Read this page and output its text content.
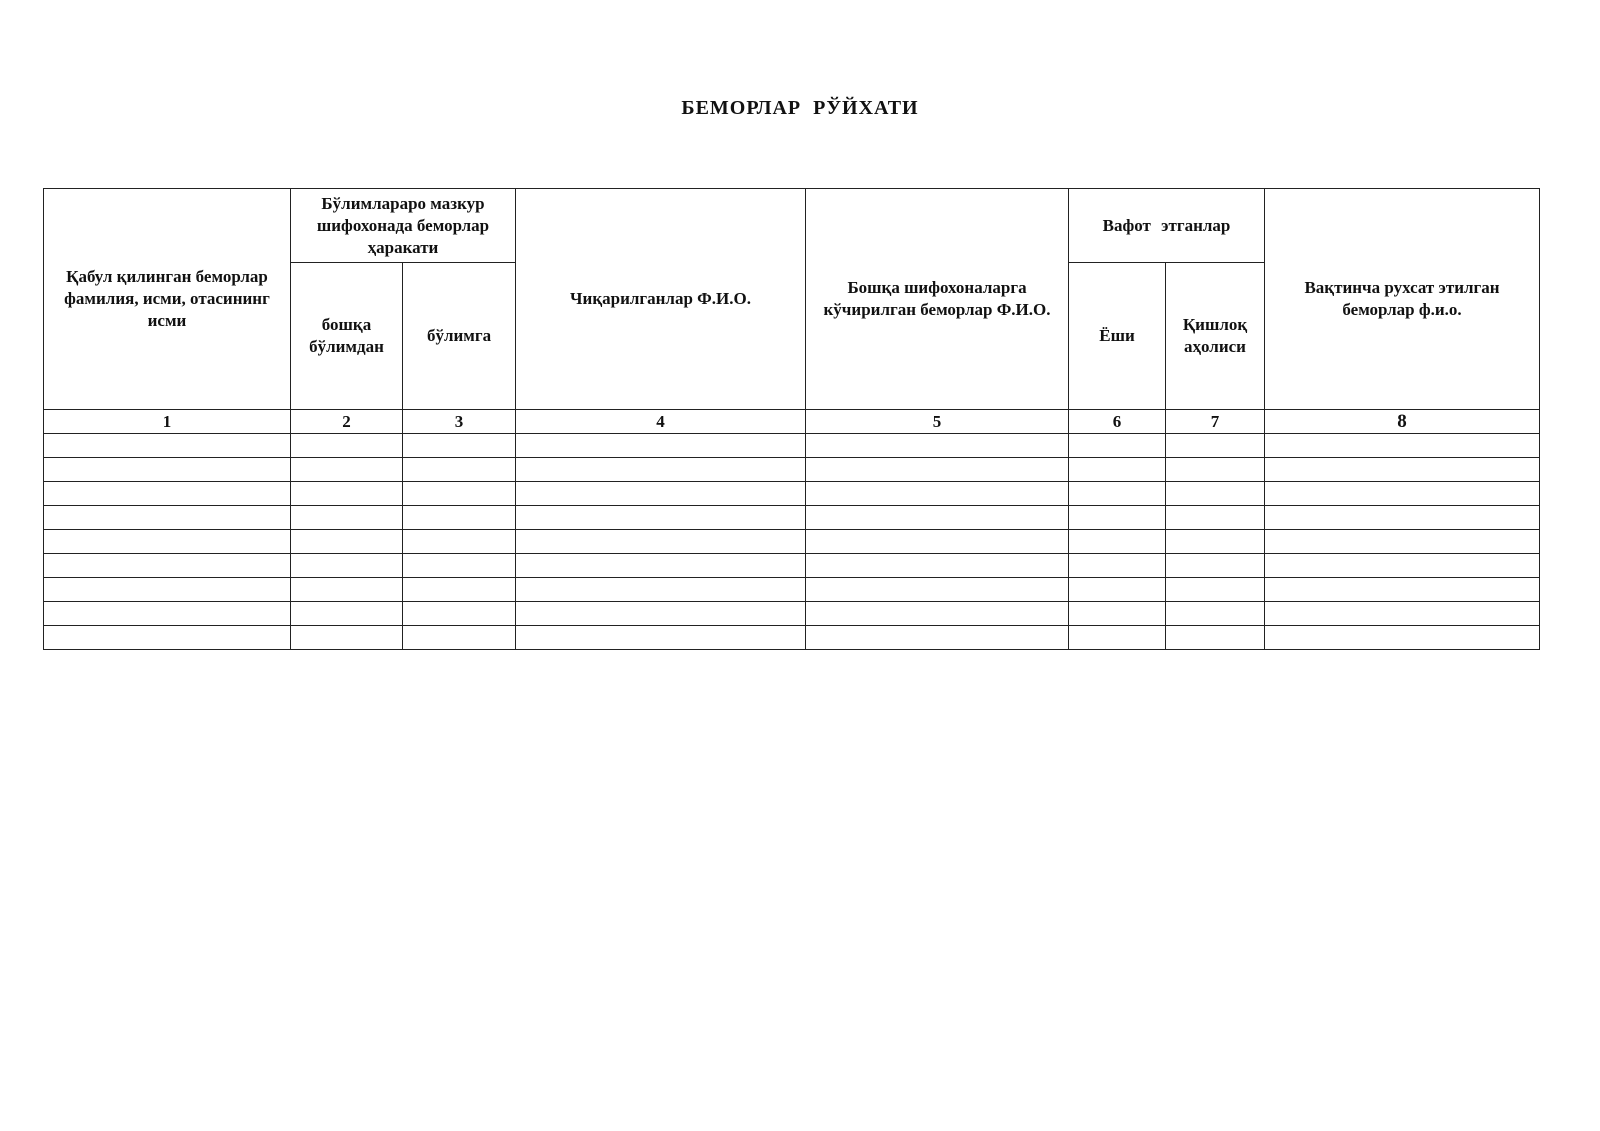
БЕМОРЛАР РЎЙХАТИ
Қабул қилинган беморлар фамилия, исми, отасининг исми	Бўлимлараро мазкур шифохонада беморлар ҳаракати		Чиқарилганлар Ф.И.О.	Бошқа шифохоналарга кўчирилган беморлар Ф.И.О.	Вафот этганлар		Вақтинча рухсат этилган беморлар ф.и.о.
	бошқа бўлимдан	бўлимга			Ёши	Қишлоқ аҳолиси	
1	2	3	4	5	6	7	8
